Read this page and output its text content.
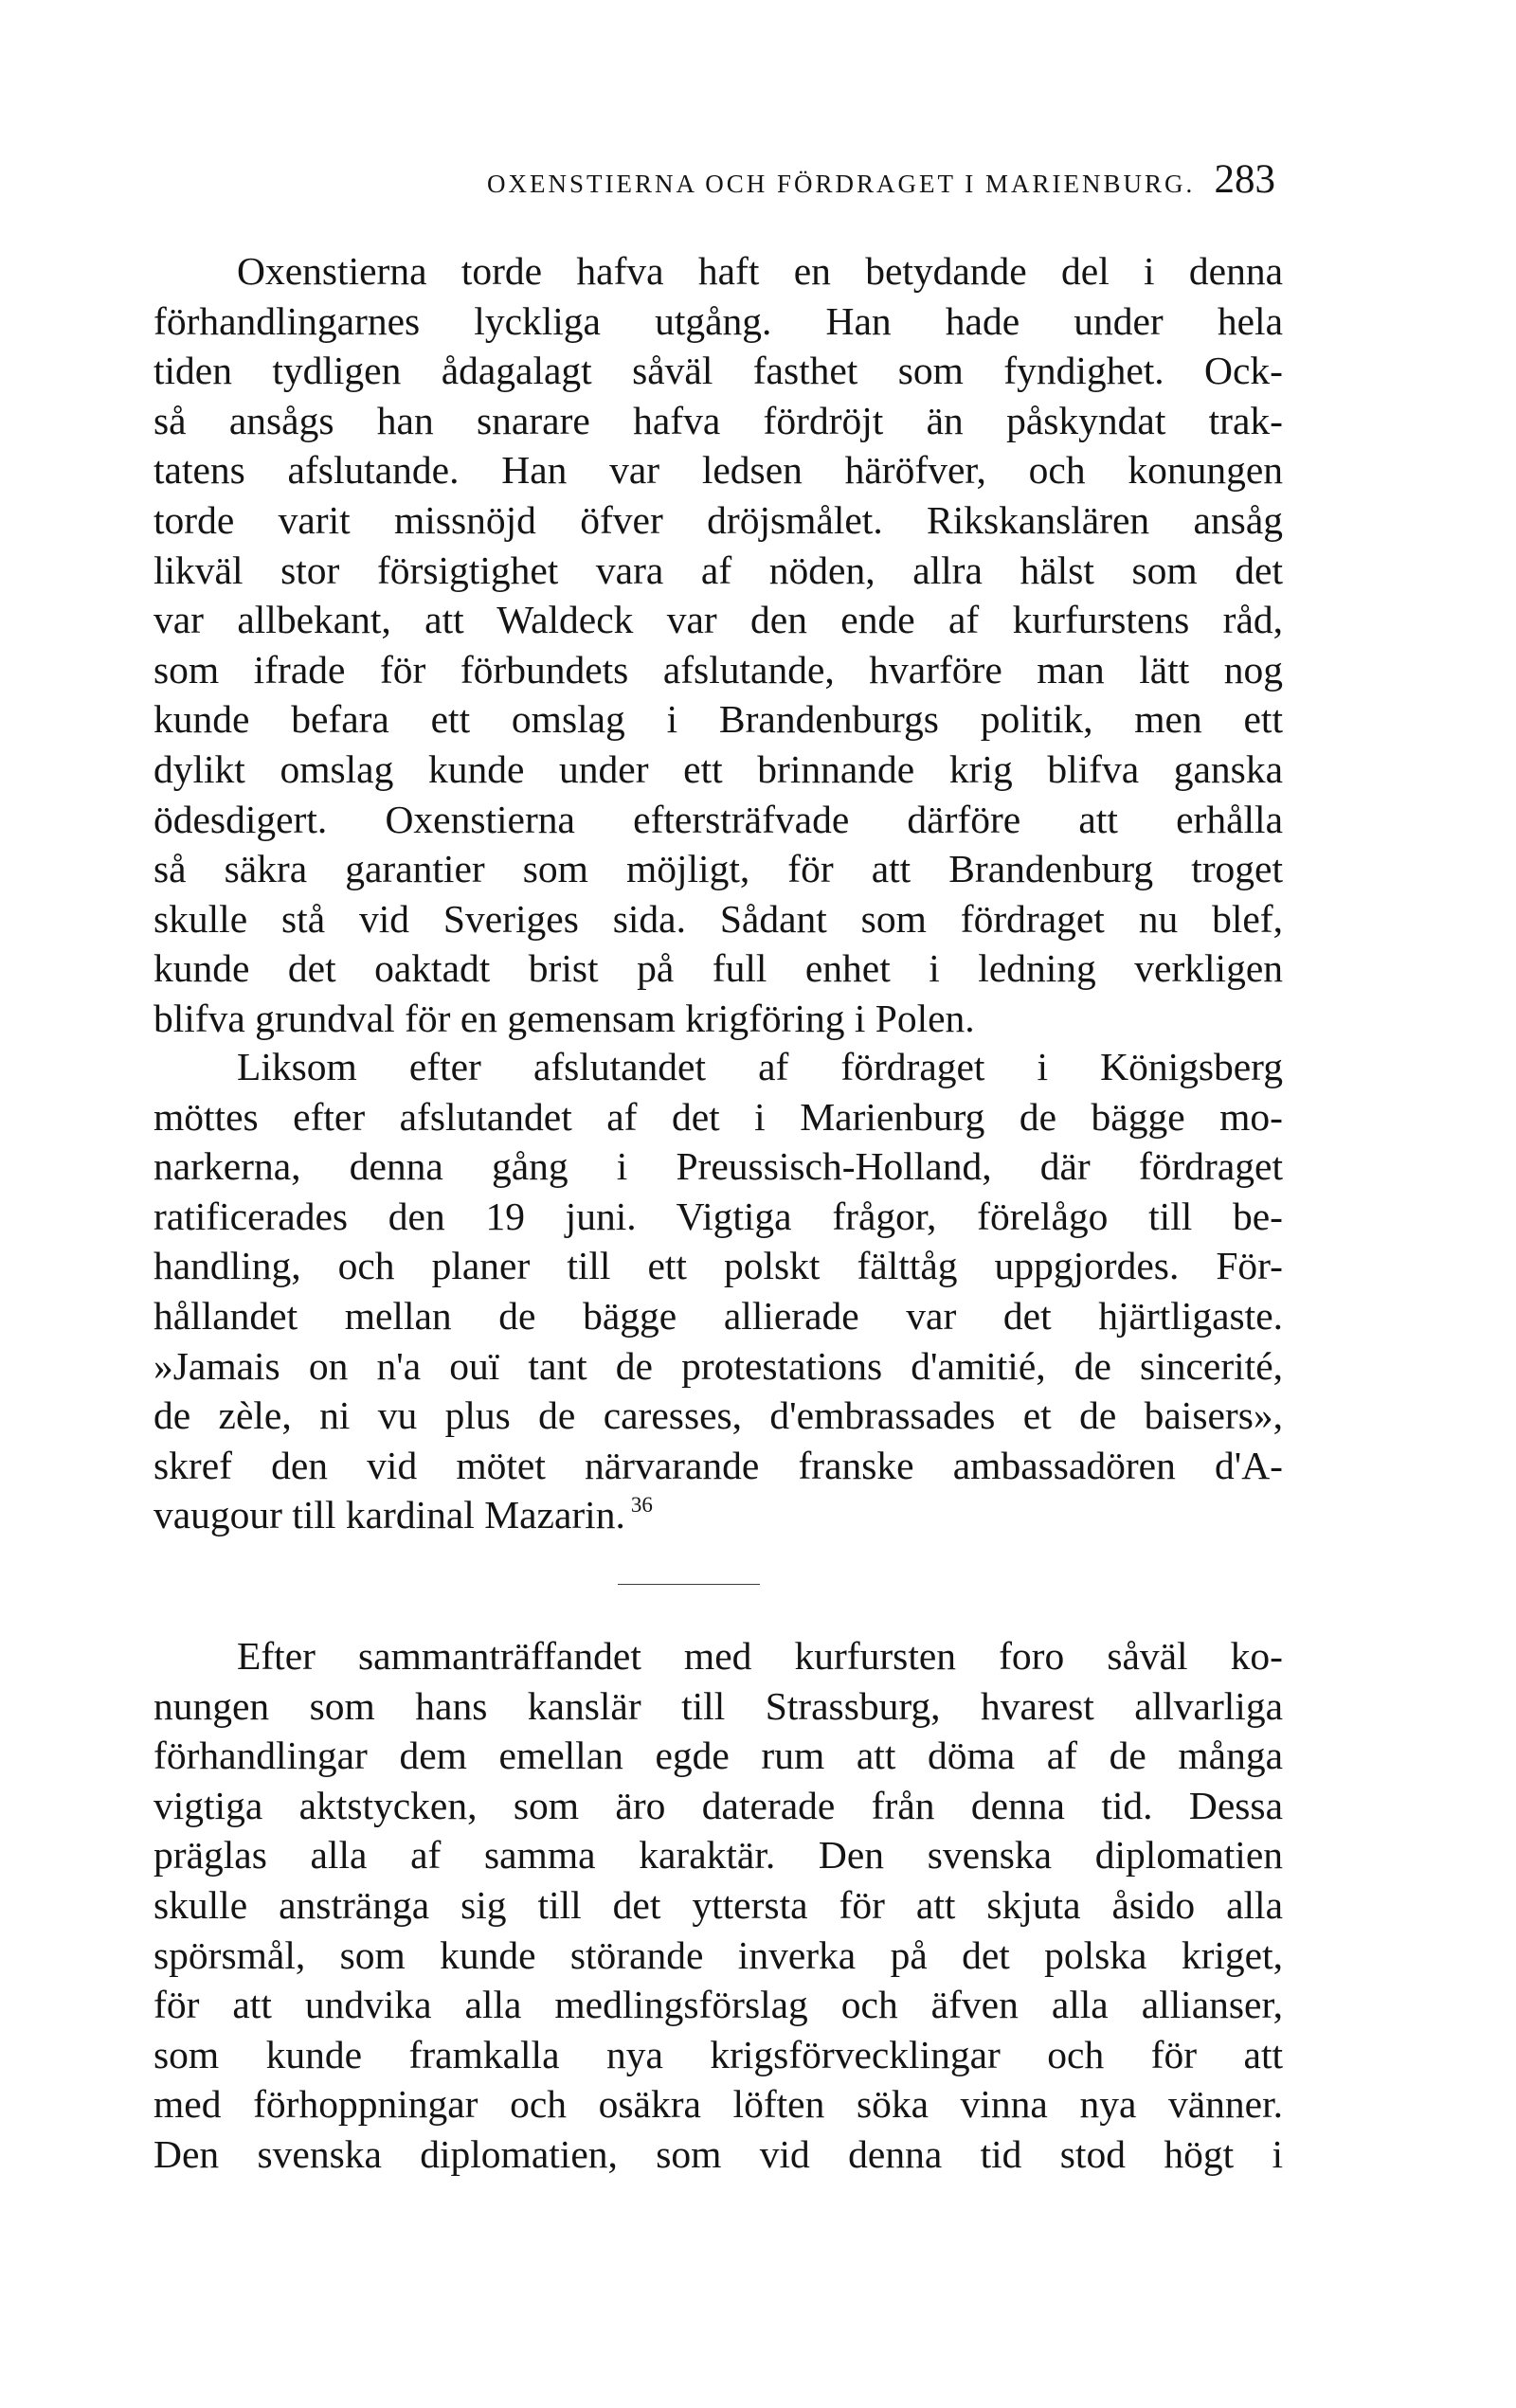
OXENSTIERNA OCH FÖRDRAGET I MARIENBURG. 283
Oxenstierna torde hafva haft en betydande del i denna
förhandlingarnes lyckliga utgång. Han hade under hela
tiden tydligen ådagalagt såväl fasthet som fyndighet. Ock-
så ansågs han snarare hafva fördröjt än påskyndat trak-
tatens afslutande. Han var ledsen häröfver, och konungen
torde varit missnöjd öfver dröjsmålet. Rikskanslären ansåg
likväl stor försigtighet vara af nöden, allra hälst som det
var allbekant, att Waldeck var den ende af kurfurstens råd,
som ifrade för förbundets afslutande, hvarföre man lätt nog
kunde befara ett omslag i Brandenburgs politik, men ett
dylikt omslag kunde under ett brinnande krig blifva ganska
ödesdigert. Oxenstierna eftersträfvade därföre att erhålla
så säkra garantier som möjligt, för att Brandenburg troget
skulle stå vid Sveriges sida. Sådant som fördraget nu blef,
kunde det oaktadt brist på full enhet i ledning verkligen
blifva grundval för en gemensam krigföring i Polen.
Liksom efter afslutandet af fördraget i Königsberg
möttes efter afslutandet af det i Marienburg de bägge mo-
narkerna, denna gång i Preussisch-Holland, där fördraget
ratificerades den 19 juni. Vigtiga frågor, förelågo till be-
handling, och planer till ett polskt fälttåg uppgjordes. För-
hållandet mellan de bägge allierade var det hjärtligaste.
»Jamais on n'a ouï tant de protestations d'amitié, de sincerité,
de zèle, ni vu plus de caresses, d'embrassades et de baisers»,
skref den vid mötet närvarande franske ambassadören d'A-
vaugour till kardinal Mazarin. $^{36}$
Efter sammanträffandet med kurfursten foro såväl ko-
nungen som hans kanslär till Strassburg, hvarest allvarliga
förhandlingar dem emellan egde rum att döma af de många
vigtiga aktstycken, som äro daterade från denna tid. Dessa
präglas alla af samma karaktär. Den svenska diplomatien
skulle anstränga sig till det yttersta för att skjuta åsido alla
spörsmål, som kunde störande inverka på det polska kriget,
för att undvika alla medlingsförslag och äfven alla allianser,
som kunde framkalla nya krigsförvecklingar och för att
med förhoppningar och osäkra löften söka vinna nya vänner.
Den svenska diplomatien, som vid denna tid stod högt i
